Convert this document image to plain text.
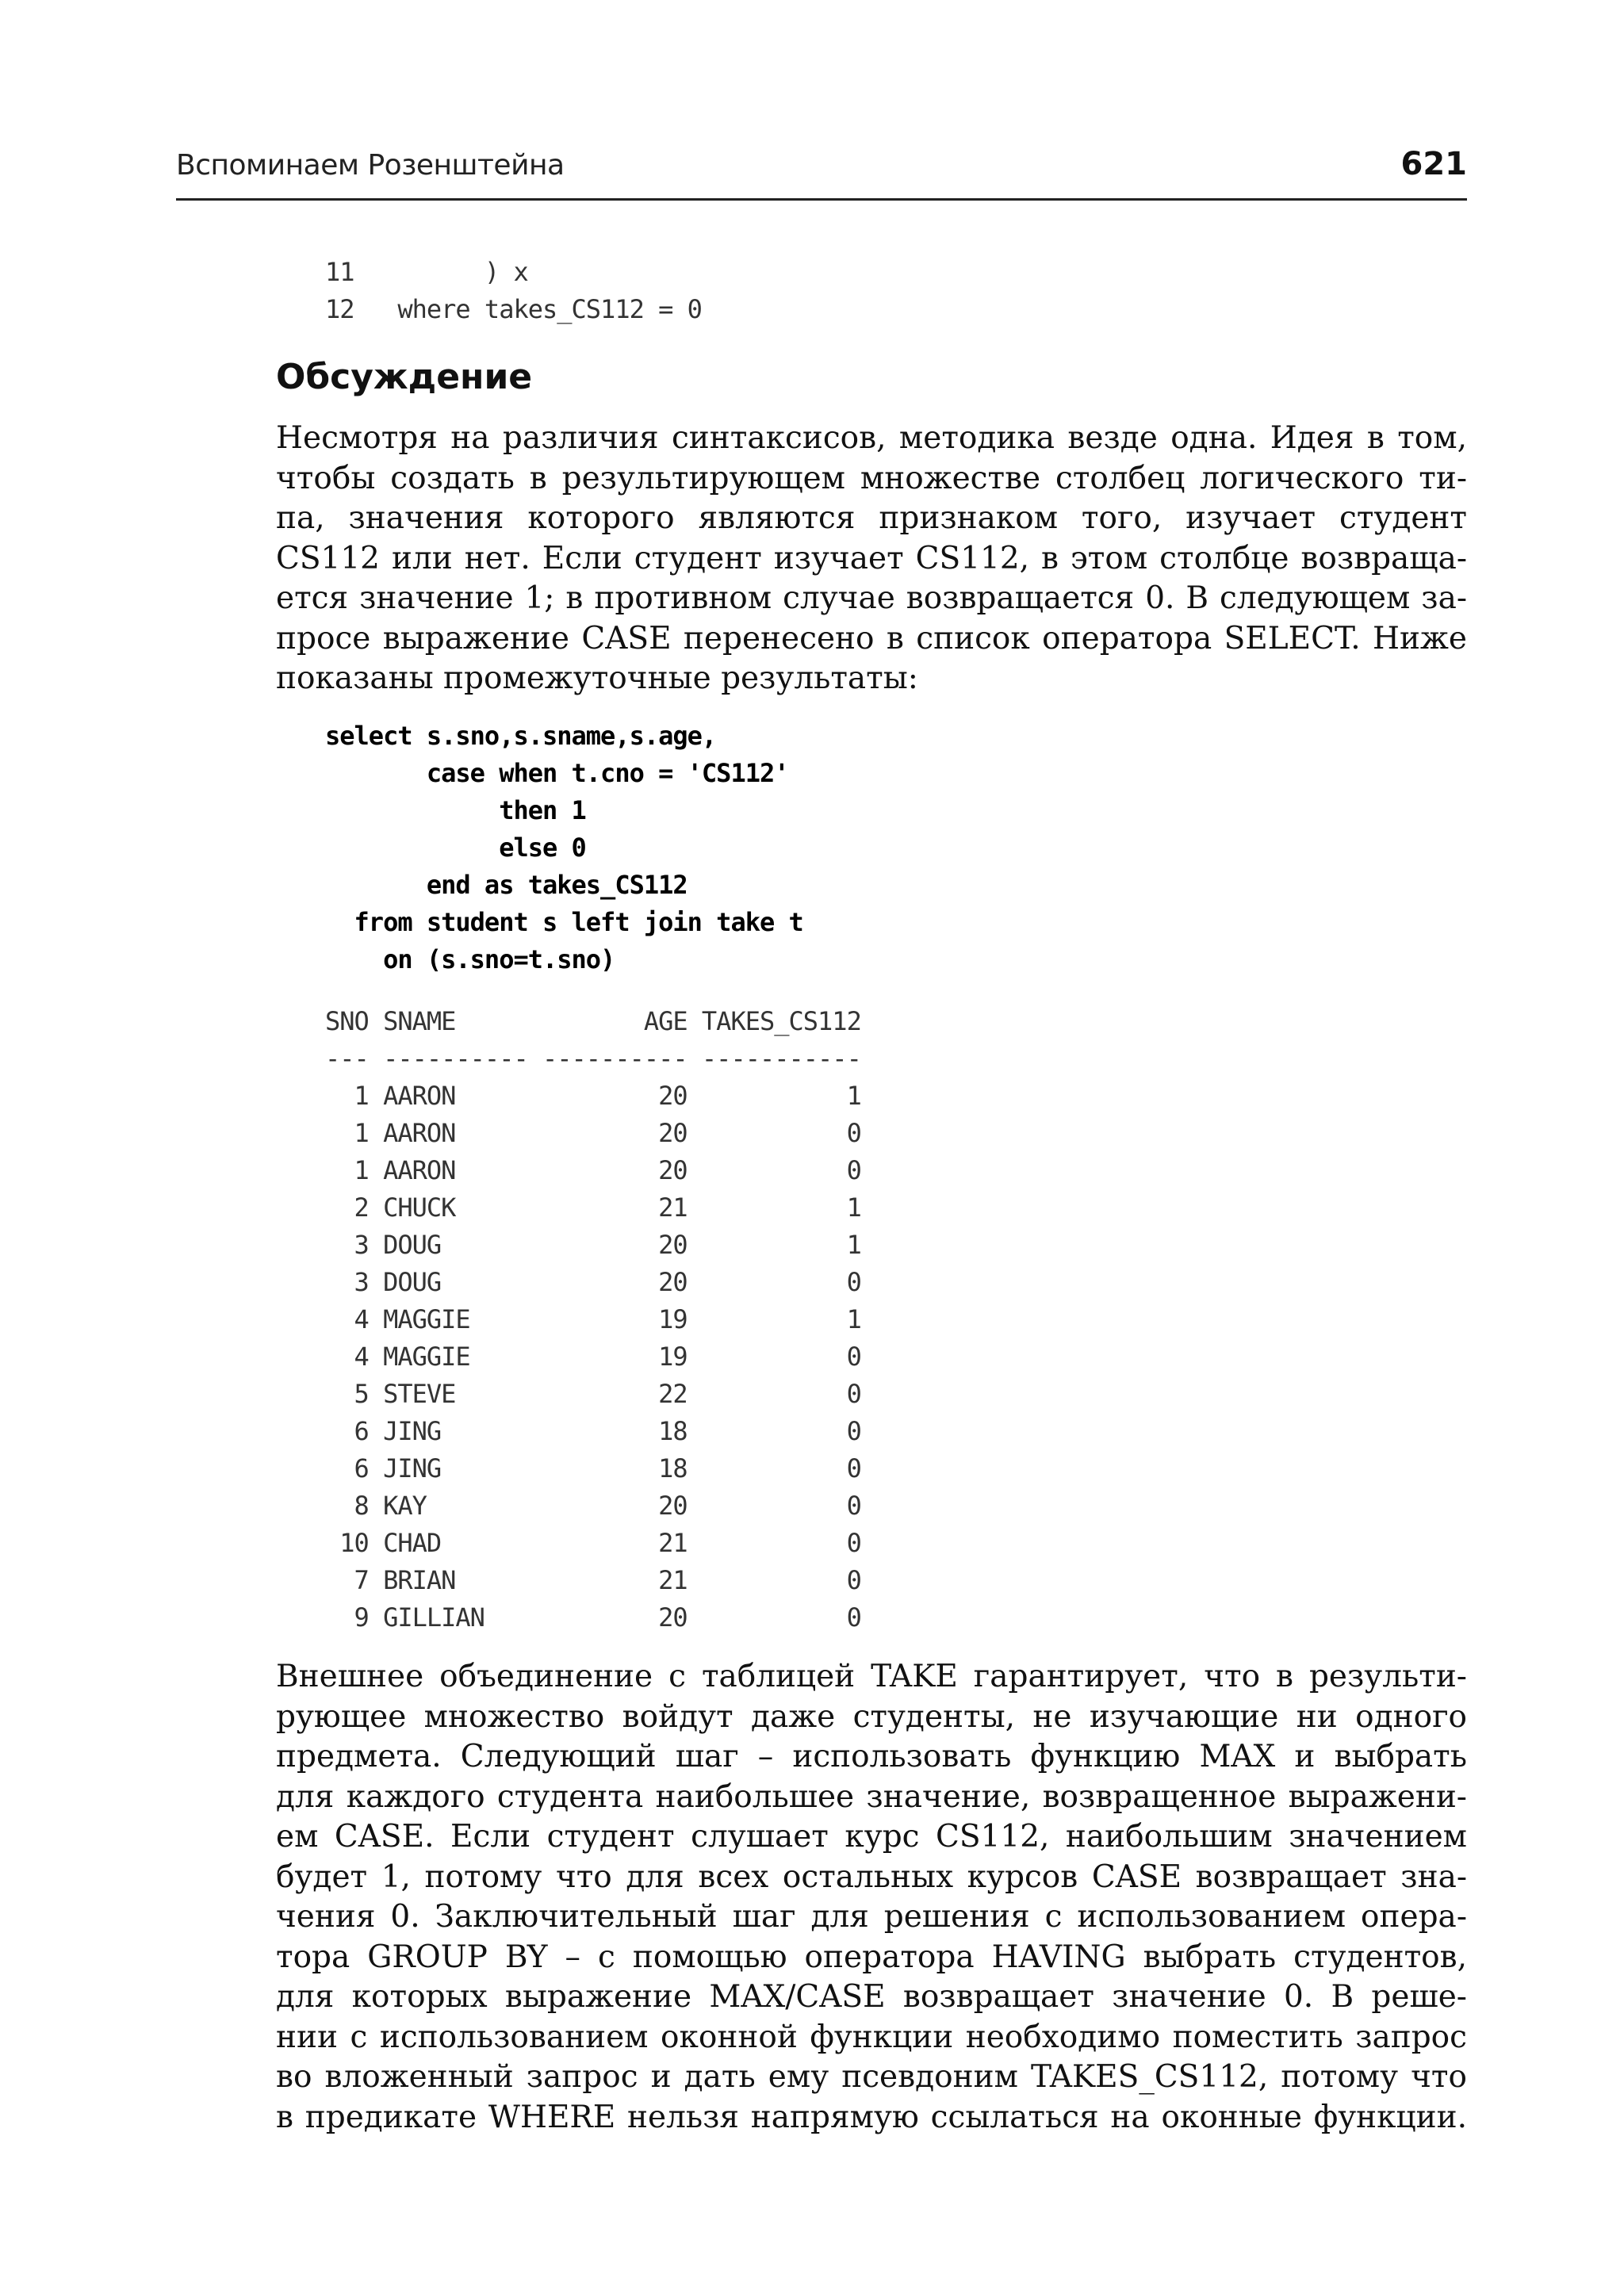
Вспоминаем Розенштейна	621
11         ) x
12   where takes_CS112 = 0
Обсуждение
Несмотря на различия синтаксисов, методика везде одна. Идея в том,
чтобы создать в результирующем множестве столбец логического ти-
па, значения которого являются признаком того, изучает студент
CS112 или нет. Если студент изучает CS112, в этом столбце возвраща-
ется значение 1; в противном случае возвращается 0. В следующем за-
просе выражение CASE перенесено в список оператора SELECT. Ниже
показаны промежуточные результаты:
select s.sno,s.sname,s.age,
case when t.cno = 'CS112'
then 1
else 0
end as takes_CS112
from student s left join take t
on (s.sno=t.sno)
SNO SNAME             AGE TAKES_CS112
--- ---------- ---------- -----------
1 AARON              20           1
1 AARON              20           0
1 AARON              20           0
2 CHUCK              21           1
3 DOUG               20           1
3 DOUG               20           0
4 MAGGIE             19           1
4 MAGGIE             19           0
5 STEVE              22           0
6 JING               18           0
6 JING               18           0
8 KAY                20           0
10 CHAD               21           0
7 BRIAN              21           0
9 GILLIAN            20           0
Внешнее объединение с таблицей TAKE гарантирует, что в результи-
рующее множество войдут даже студенты, не изучающие ни одного
предмета. Следующий шаг – использовать функцию MAX и выбрать
для каждого студента наибольшее значение, возвращенное выражени-
ем CASE. Если студент слушает курс CS112, наибольшим значением
будет 1, потому что для всех остальных курсов CASE возвращает зна-
чения 0. Заключительный шаг для решения с использованием опера-
тора GROUP BY – с помощью оператора HAVING выбрать студентов,
для которых выражение MAX/CASE возвращает значение 0. В реше-
нии с использованием оконной функции необходимо поместить запрос
во вложенный запрос и дать ему псевдоним TAKES_CS112, потому что
в предикате WHERE нельзя напрямую ссылаться на оконные функции.
